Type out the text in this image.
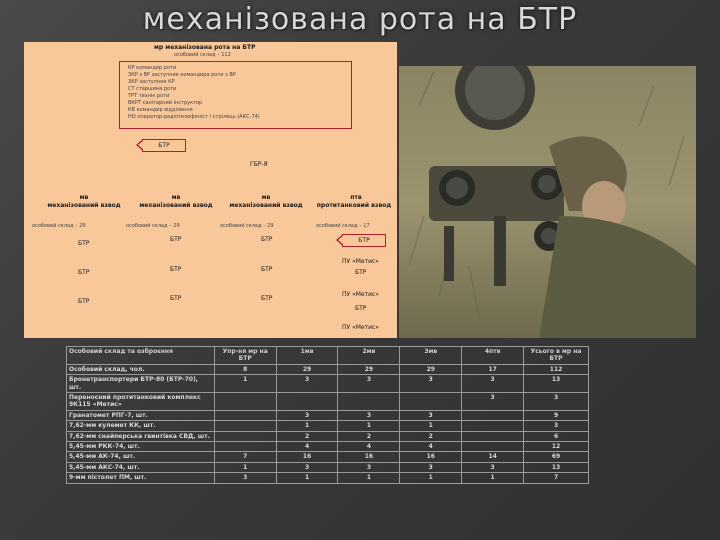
механізована рота на БТР
мр механізована рота на БТР
особовий склад – 112
КР командир роти
ЗКР з ВР заступник командира роти з ВР
ЗКР заступник КР
СТ старшина роти
ТРТ технік роти
ВКРТ санітарний інструктор
КВ командир відділення
НО оператор-радіотелефоніст / стрілець (АКС-74)
БТР
ГБР-Я
мв
механізований взвод
особовий склад – 29
БТР
БТР
БТР
мв
механізований взвод
особовий склад – 29
БТР
БТР
БТР
мв
механізований взвод
особовий склад – 29
БТР
БТР
БТР
птв
протитанковий взвод
особовий склад – 17
БТР
ПУ «Метис»
БТР
ПУ «Метис»
БТР
ПУ «Метис»
Особовий склад та озброєння	Упр-ня мр на БТР	1мв	2мв	3мв	4птв	Усього в мр на БТР
Особовий склад, чол.	8	29	29	29	17	112
Бронетранспортери БТР-80 (БТР-70), шт.	1	3	3	3	3	13
Переносний протитанковий комплекс 9К115 «Метис»					3	3
Гранатомет РПГ-7, шт.		3	3	3		9
7,62-мм кулемет КК, шт.		1	1	1		3
7,62-мм снайперська гвинтівка СВД, шт.		2	2	2		6
5,45-мм РКК-74, шт.		4	4	4		12
5,45-мм АК-74, шт.	7	16	16	16	14	69
5,45-мм АКС-74, шт.	1	3	3	3	3	13
9-мм пістолет ПМ, шт.	3	1	1	1	1	7
